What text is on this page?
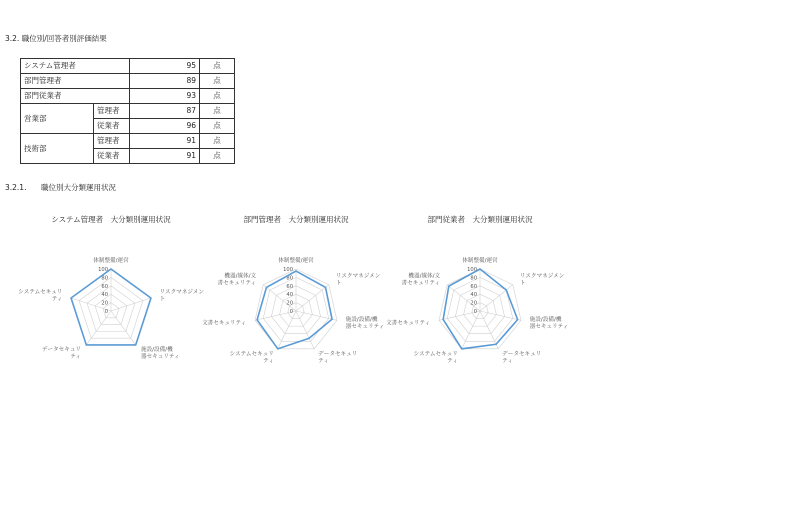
3.2. 職位別/回答者別評価結果
システム管理者		95	点
部門管理者		89	点
部門従業者		93	点
営業部	管理者	87	点
	従業者	96	点
技術部	管理者	91	点
	従業者	91	点
3.2.1. 職位別大分類運用状況
システム管理者　大分類別運用状況
100
80
60
40
20
0
体制整備/運営
リスクマネジメント
施設/設備/機器セキュリティ
データセキュリティ
システムセキュリティ
部門管理者　大分類別運用状況
100
80
60
40
20
0
体制整備/運営
リスクマネジメント
施設/設備/機器セキュリティ
データセキュリティ
システムセキュリティ
文書セキュリティ
機器/媒体/文書セキュリティ
部門従業者　大分類別運用状況
100
80
60
40
20
0
体制整備/運営
リスクマネジメント
施設/設備/機器セキュリティ
データセキュリティ
システムセキュリティ
文書セキュリティ
機器/媒体/文書セキュリティ
